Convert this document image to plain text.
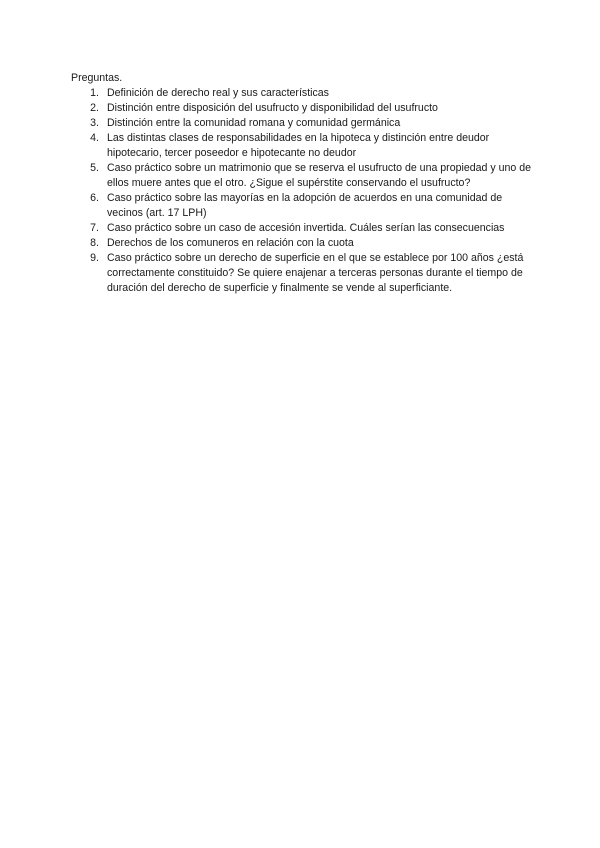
Preguntas.

1. Definición de derecho real y sus características
2. Distinción entre disposición del usufructo y disponibilidad del usufructo
3. Distinción entre la comunidad romana y comunidad germánica
4. Las distintas clases de responsabilidades en la hipoteca y distinción entre deudor hipotecario, tercer poseedor e hipotecante no deudor
5. Caso práctico sobre un matrimonio que se reserva el usufructo de una propiedad y uno de ellos muere antes que el otro. ¿Sigue el supérstite conservando el usufructo?
6. Caso práctico sobre las mayorías en la adopción de acuerdos en una comunidad de vecinos (art. 17 LPH)
7. Caso práctico sobre un caso de accesión invertida. Cuáles serían las consecuencias
8. Derechos de los comuneros en relación con la cuota
9. Caso práctico sobre un derecho de superficie en el que se establece por 100 años ¿está correctamente constituido? Se quiere enajenar a terceras personas durante el tiempo de duración del derecho de superficie y finalmente se vende al superficiante.
